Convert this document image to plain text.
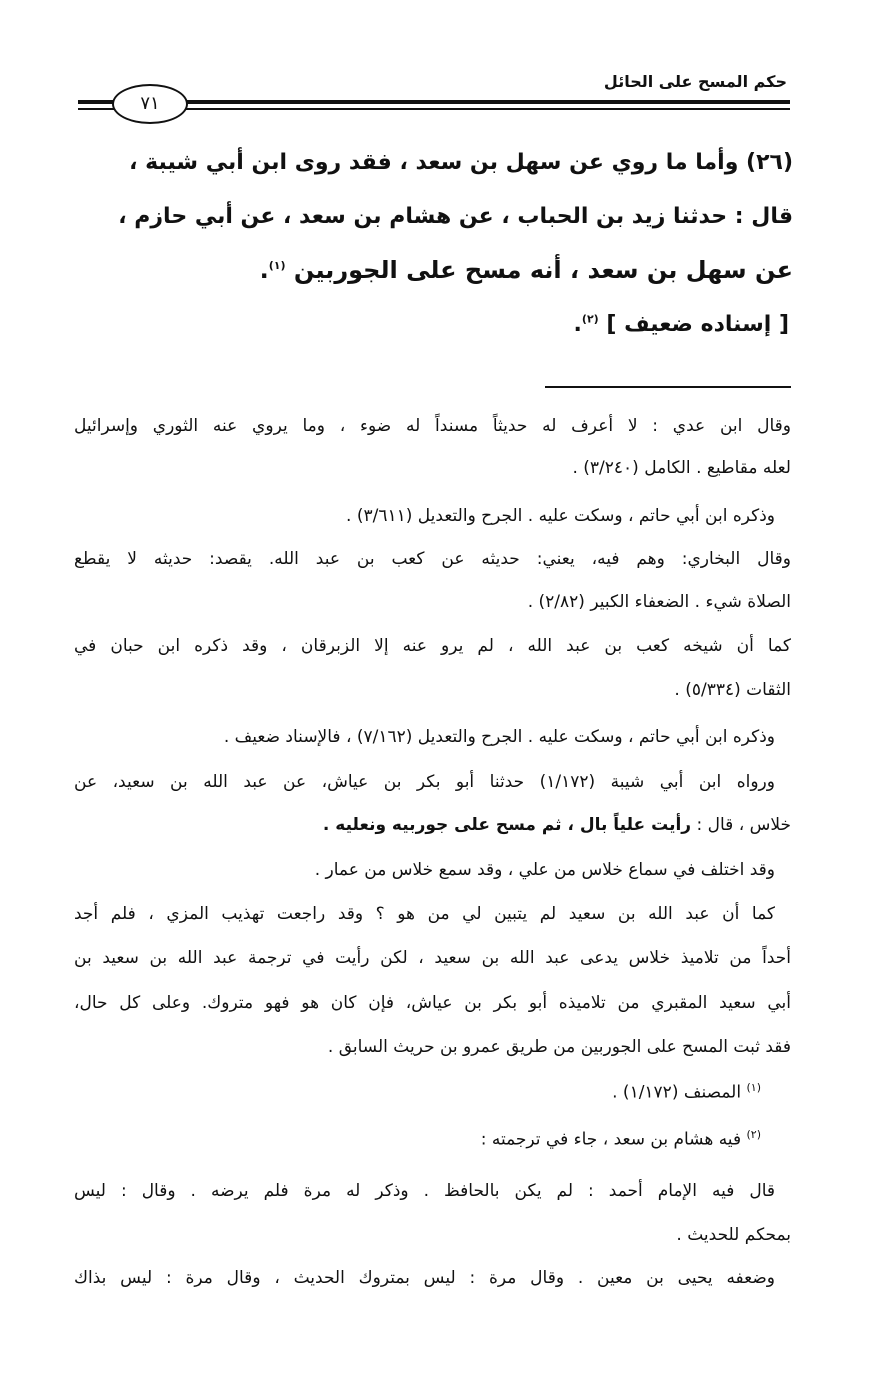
حكم المسح على الحائل
٧١
(٢٦) وأما ما روي عن سهل بن سعد ، فقد روى ابن أبي شيبة ،
قال : حدثنا زيد بن الحباب ، عن هشام بن سعد ، عن أبي حازم ،
عن سهل بن سعد ، أنه مسح على الجوربين $^{(١)}$.
[ إسناده ضعيف ] $^{(٢)}$.
وقال ابن عدي : لا أعرف له حديثاً مسنداً له ضوء ، وما يروي عنه الثوري وإسرائيل
لعله مقاطيع . الكامل (٣/٢٤٠) .
وذكره ابن أبي حاتم ، وسكت عليه . الجرح والتعديل (٣/٦١١) .
وقال البخاري: وهم فيه، يعني: حديثه عن كعب بن عبد الله. يقصد: حديثه لا يقطع
الصلاة شيء . الضعفاء الكبير (٢/٨٢) .
كما أن شيخه كعب بن عبد الله ، لم يرو عنه إلا الزبرقان ، وقد ذكره ابن حبان في
الثقات (٥/٣٣٤) .
وذكره ابن أبي حاتم ، وسكت عليه . الجرح والتعديل (٧/١٦٢) ، فالإسناد ضعيف .
ورواه ابن أبي شيبة (١/١٧٢) حدثنا أبو بكر بن عياش، عن عبد الله بن سعيد، عن
خلاس ، قال : رأيت علياً بال ، ثم مسح على جوربيه ونعليه .
وقد اختلف في سماع خلاس من علي ، وقد سمع خلاس من عمار .
كما أن عبد الله بن سعيد لم يتبين لي من هو ؟ وقد راجعت تهذيب المزي ، فلم أجد
أحداً من تلاميذ خلاس يدعى عبد الله بن سعيد ، لكن رأيت في ترجمة عبد الله بن سعيد بن
أبي سعيد المقبري من تلاميذه أبو بكر بن عياش، فإن كان هو فهو متروك. وعلى كل حال،
فقد ثبت المسح على الجوربين من طريق عمرو بن حريث السابق .
$^{(١)}$ المصنف (١/١٧٢) .
$^{(٢)}$ فيه هشام بن سعد ، جاء في ترجمته :
قال فيه الإمام أحمد : لم يكن بالحافظ . وذكر له مرة فلم يرضه . وقال : ليس
بمحكم للحديث .
وضعفه يحيى بن معين . وقال مرة : ليس بمتروك الحديث ، وقال مرة : ليس بذاك
